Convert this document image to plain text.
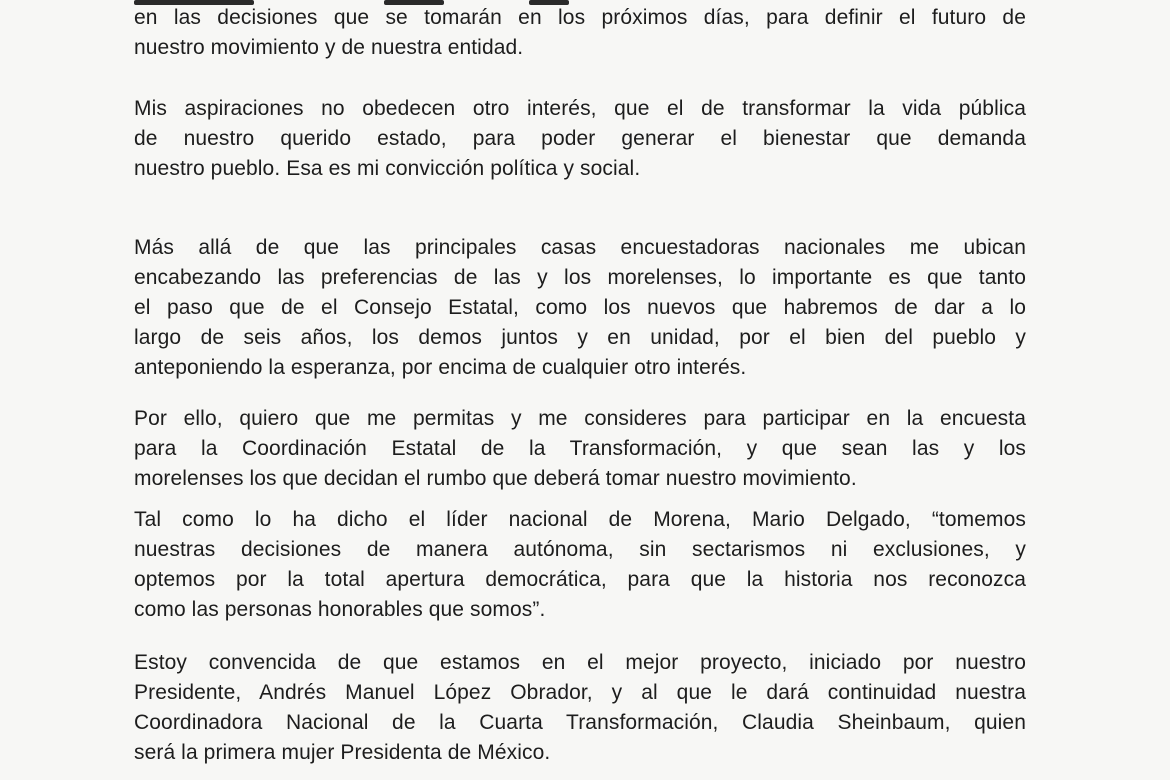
en las decisiones que se tomarán en los próximos días, para definir el futuro de
nuestro movimiento y de nuestra entidad.

Mis aspiraciones no obedecen otro interés, que el de transformar la vida pública
de nuestro querido estado, para poder generar el bienestar que demanda
nuestro pueblo. Esa es mi convicción política y social.

Más allá de que las principales casas encuestadoras nacionales me ubican
encabezando las preferencias de las y los morelenses, lo importante es que tanto
el paso que de el Consejo Estatal, como los nuevos que habremos de dar a lo
largo de seis años, los demos juntos y en unidad, por el bien del pueblo y
anteponiendo la esperanza, por encima de cualquier otro interés.

Por ello, quiero que me permitas y me consideres para participar en la encuesta
para la Coordinación Estatal de la Transformación, y que sean las y los
morelenses los que decidan el rumbo que deberá tomar nuestro movimiento.

Tal como lo ha dicho el líder nacional de Morena, Mario Delgado, “tomemos
nuestras decisiones de manera autónoma, sin sectarismos ni exclusiones, y
optemos por la total apertura democrática, para que la historia nos reconozca
como las personas honorables que somos”.

Estoy convencida de que estamos en el mejor proyecto, iniciado por nuestro
Presidente, Andrés Manuel López Obrador, y al que le dará continuidad nuestra
Coordinadora Nacional de la Cuarta Transformación, Claudia Sheinbaum, quien
será la primera mujer Presidenta de México.
